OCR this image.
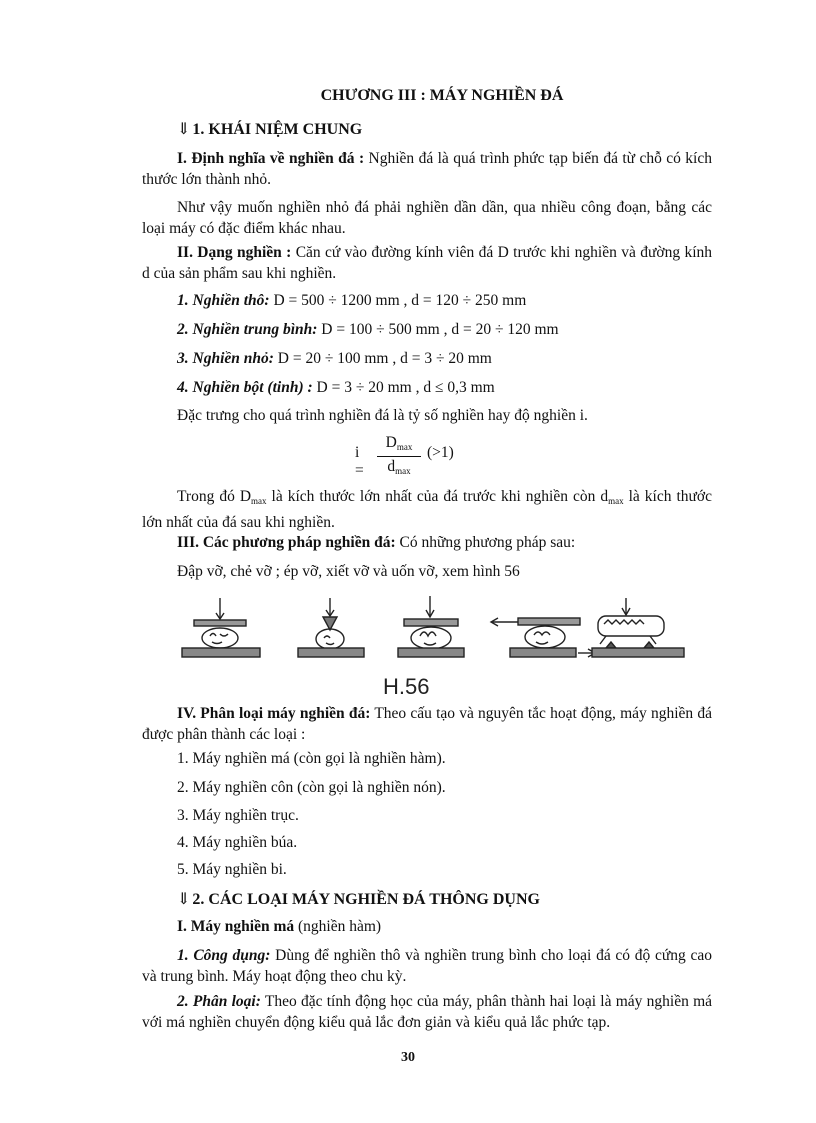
CHƯƠNG III : MÁY NGHIỀN ĐÁ

⇓ 1. KHÁI NIỆM CHUNG

I. Định nghĩa về nghiền đá : Nghiền đá là quá trình phức tạp biến đá từ chỗ có kích thước lớn thành nhỏ.

Như vậy muốn nghiền nhỏ đá phải nghiền dần dần, qua nhiều công đoạn, bằng các loại máy có đặc điểm khác nhau.

II. Dạng nghiền : Căn cứ vào đường kính viên đá D trước khi nghiền và đường kính d của sản phẩm sau khi nghiền.

1. Nghiền thô: D = 500 ÷ 1200 mm , d = 120 ÷ 250 mm

2. Nghiền trung bình: D = 100 ÷ 500 mm , d = 20 ÷ 120 mm

3. Nghiền nhỏ: D = 20 ÷ 100 mm , d = 3 ÷ 20 mm

4. Nghiền bột (tinh) : D = 3 ÷ 20 mm , d ≤ 0,3 mm

Đặc trưng cho quá trình nghiền đá là tỷ số nghiền hay độ nghiền i.

i =
$D_{max}$
$d_{max}$
(>1)

Trong đó $D_{max}$ là kích thước lớn nhất của đá trước khi nghiền còn $d_{max}$ là kích thước lớn nhất của đá sau khi nghiền.

III. Các phương pháp nghiền đá: Có những phương pháp sau:

Đập vỡ, chẻ vỡ ; ép vỡ, xiết vỡ và uốn vỡ, xem hình 56

H.56

IV. Phân loại máy nghiền đá: Theo cấu tạo và nguyên tắc hoạt động, máy nghiền đá được phân thành các loại :

1. Máy nghiền má (còn gọi là nghiền hàm).

2. Máy nghiền côn (còn gọi là nghiền nón).

3. Máy nghiền trục.

4. Máy nghiền búa.

5. Máy nghiền bi.

⇓ 2. CÁC LOẠI MÁY NGHIỀN ĐÁ THÔNG DỤNG

I. Máy nghiền má (nghiền hàm)

1. Công dụng: Dùng để nghiền thô và nghiền trung bình cho loại đá có độ cứng cao và trung bình. Máy hoạt động theo chu kỳ.

2. Phân loại: Theo đặc tính động học của máy, phân thành hai loại là máy nghiền má với má nghiền chuyển động kiểu quả lắc đơn giản và kiểu quả lắc phức tạp.

30
